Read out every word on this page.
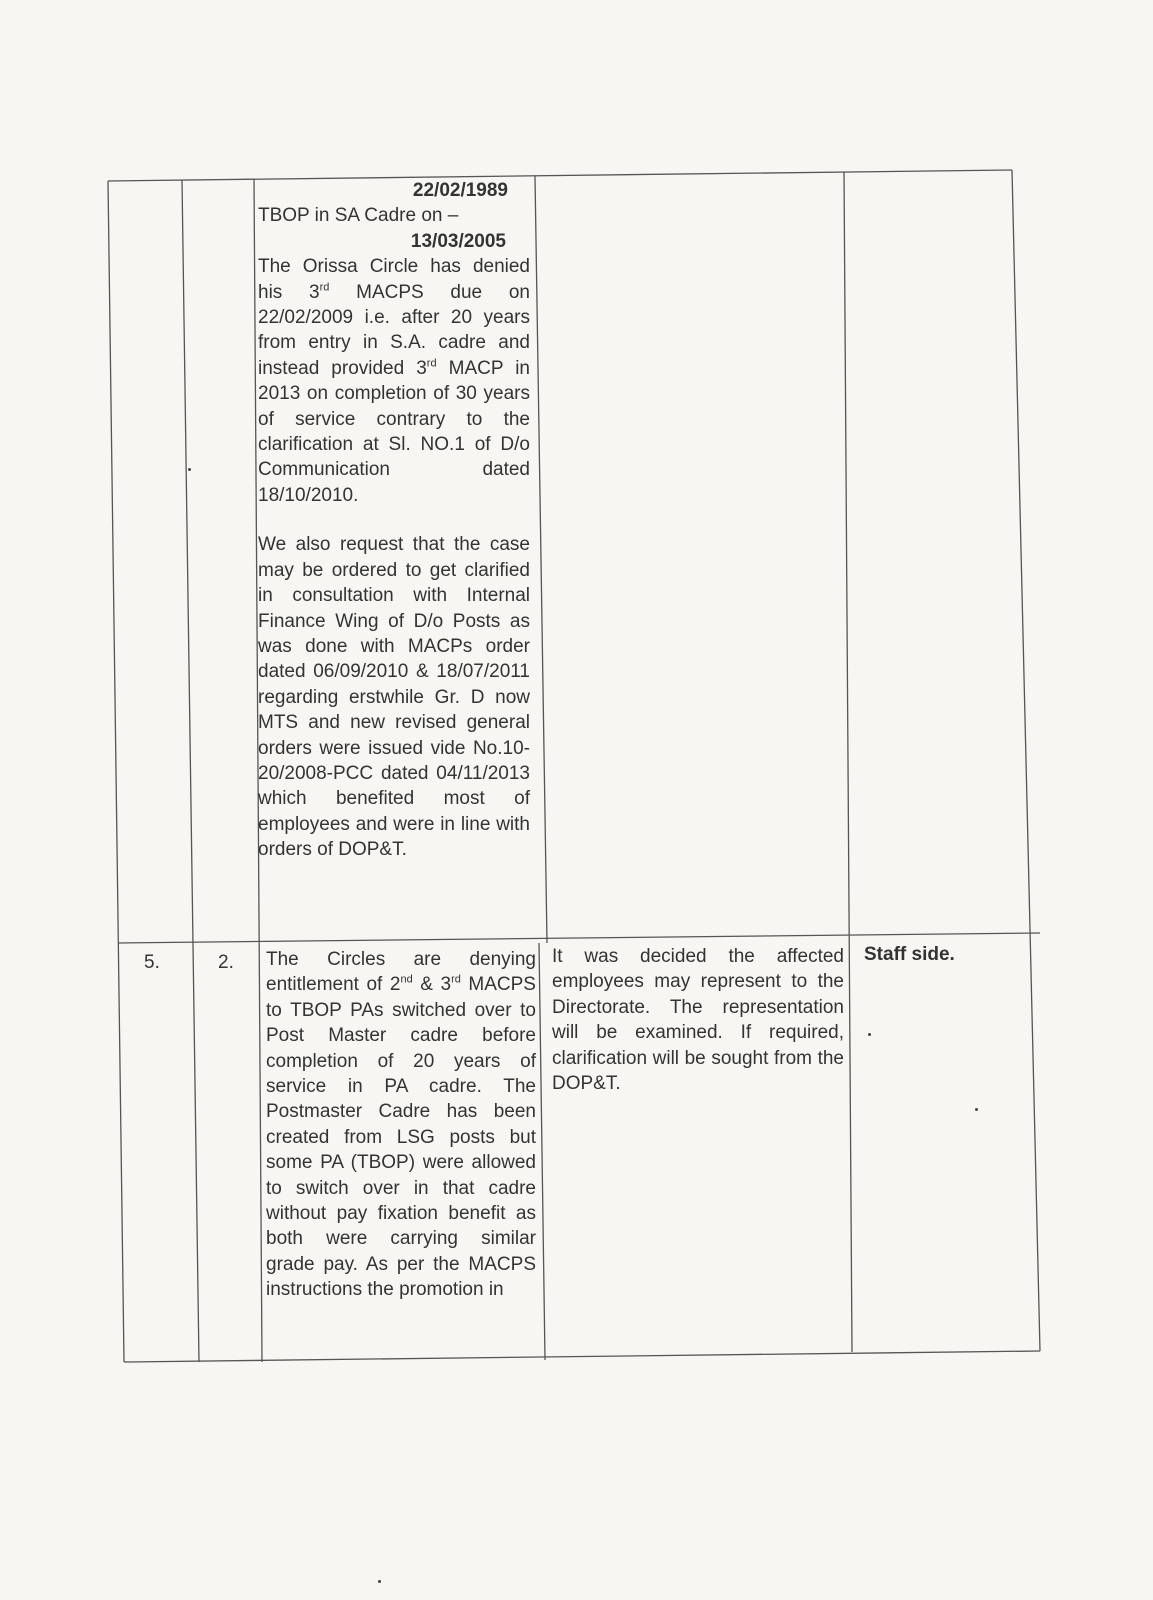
22/02/1989
TBOP in SA Cadre on –
13/03/2005

The Orissa Circle has denied his 3rd MACPS due on 22/02/2009 i.e. after 20 years from entry in S.A. cadre and instead provided 3rd MACP in 2013 on completion of 30 years of service contrary to the clarification at Sl. NO.1 of D/o Communication dated 18/10/2010.

We also request that the case may be ordered to get clarified in consultation with Internal Finance Wing of D/o Posts as was done with MACPs order dated 06/09/2010 & 18/07/2011 regarding erstwhile Gr. D now MTS and new revised general orders were issued vide No.10-20/2008-PCC dated 04/11/2013 which benefited most of employees and were in line with orders of DOP&T.

5.	2. The Circles are denying entitlement of 2nd & 3rd MACPS to TBOP PAs switched over to Post Master cadre before completion of 20 years of service in PA cadre. The Postmaster Cadre has been created from LSG posts but some PA (TBOP) were allowed to switch over in that cadre without pay fixation benefit as both were carrying similar grade pay. As per the MACPS instructions the promotion in

It was decided the affected employees may represent to the Directorate. The representation will be examined. If required, clarification will be sought from the DOP&T.

Staff side.
